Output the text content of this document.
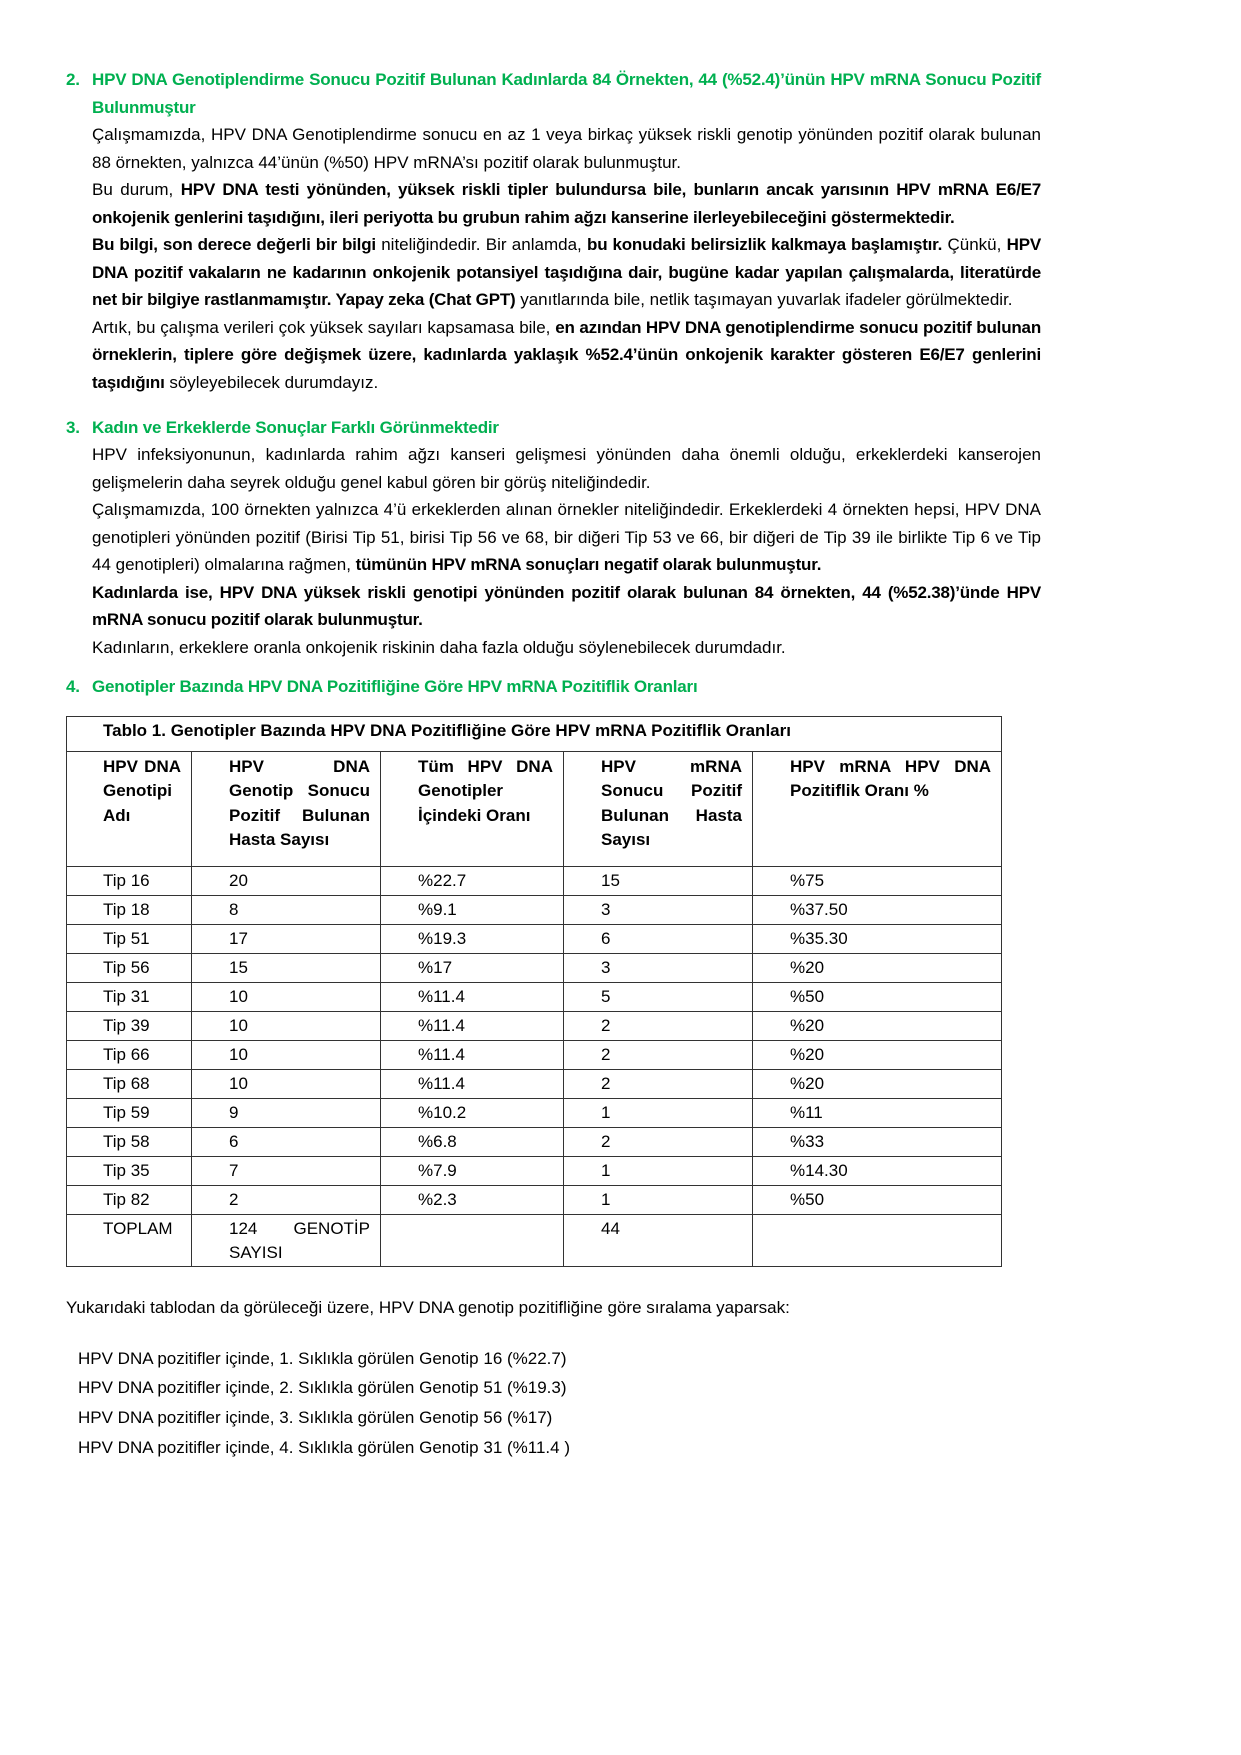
2. HPV DNA Genotiplendirme Sonucu Pozitif Bulunan Kadınlarda 84 Örnekten, 44 (%52.4)’ünün HPV mRNA Sonucu Pozitif Bulunmuştur

Çalışmamızda, HPV DNA Genotiplendirme sonucu en az 1 veya birkaç yüksek riskli genotip yönünden pozitif olarak bulunan 88 örnekten, yalnızca 44’ünün (%50) HPV mRNA’sı pozitif olarak bulunmuştur.

Bu durum, HPV DNA testi yönünden, yüksek riskli tipler bulundursa bile, bunların ancak yarısının HPV mRNA E6/E7 onkojenik genlerini taşıdığını, ileri periyotta bu grubun rahim ağzı kanserine ilerleyebileceğini göstermektedir.

Bu bilgi, son derece değerli bir bilgi niteliğindedir. Bir anlamda, bu konudaki belirsizlik kalkmaya başlamıştır. Çünkü, HPV DNA pozitif vakaların ne kadarının onkojenik potansiyel taşıdığına dair, bugüne kadar yapılan çalışmalarda, literatürde net bir bilgiye rastlanmamıştır. Yapay zeka (Chat GPT) yanıtlarında bile, netlik taşımayan yuvarlak ifadeler görülmektedir.

Artık, bu çalışma verileri çok yüksek sayıları kapsamasa bile, en azından HPV DNA genotiplendirme sonucu pozitif bulunan örneklerin, tiplere göre değişmek üzere, kadınlarda yaklaşık %52.4’ünün onkojenik karakter gösteren E6/E7 genlerini taşıdığını söyleyebilecek durumdayız.

3. Kadın ve Erkeklerde Sonuçlar Farklı Görünmektedir

HPV infeksiyonunun, kadınlarda rahim ağzı kanseri gelişmesi yönünden daha önemli olduğu, erkeklerdeki kanserojen gelişmelerin daha seyrek olduğu genel kabul gören bir görüş niteliğindedir.

Çalışmamızda, 100 örnekten yalnızca 4’ü erkeklerden alınan örnekler niteliğindedir. Erkeklerdeki 4 örnekten hepsi, HPV DNA genotipleri yönünden pozitif (Birisi Tip 51, birisi Tip 56 ve 68, bir diğeri Tip 53 ve 66, bir diğeri de Tip 39 ile birlikte Tip 6 ve Tip 44 genotipleri) olmalarına rağmen, tümünün HPV mRNA sonuçları negatif olarak bulunmuştur.

Kadınlarda ise, HPV DNA yüksek riskli genotipi yönünden pozitif olarak bulunan 84 örnekten, 44 (%52.38)’ünde HPV mRNA sonucu pozitif olarak bulunmuştur.

Kadınların, erkeklere oranla onkojenik riskinin daha fazla olduğu söylenebilecek durumdadır.

4. Genotipler Bazında HPV DNA Pozitifliğine Göre HPV mRNA Pozitiflik Oranları
Tablo 1. Genotipler Bazında HPV DNA Pozitifliğine Göre HPV mRNA Pozitiflik Oranları				
HPV DNA Genotipi Adı	HPV DNA Genotip Sonucu Pozitif Bulunan Hasta Sayısı	Tüm HPV DNA Genotipler İçindeki Oranı	HPV mRNA Sonucu Pozitif Bulunan Hasta Sayısı	HPV mRNA HPV DNA Pozitiflik Oranı %
Tip 16	20	%22.7	15	%75
Tip 18	8	%9.1	3	%37.50
Tip 51	17	%19.3	6	%35.30
Tip 56	15	%17	3	%20
Tip 31	10	%11.4	5	%50
Tip 39	10	%11.4	2	%20
Tip 66	10	%11.4	2	%20
Tip 68	10	%11.4	2	%20
Tip 59	9	%10.2	1	%11
Tip 58	6	%6.8	2	%33
Tip 35	7	%7.9	1	%14.30
Tip 82	2	%2.3	1	%50
TOPLAM	124 GENOTİP SAYISI		44	

Yukarıdaki tablodan da görüleceği üzere, HPV DNA genotip pozitifliğine göre sıralama yaparsak:

HPV DNA pozitifler içinde, 1. Sıklıkla görülen Genotip 16 (%22.7)
HPV DNA pozitifler içinde, 2. Sıklıkla görülen Genotip 51 (%19.3)
HPV DNA pozitifler içinde, 3. Sıklıkla görülen Genotip 56 (%17)
HPV DNA pozitifler içinde, 4. Sıklıkla görülen Genotip 31 (%11.4 )
